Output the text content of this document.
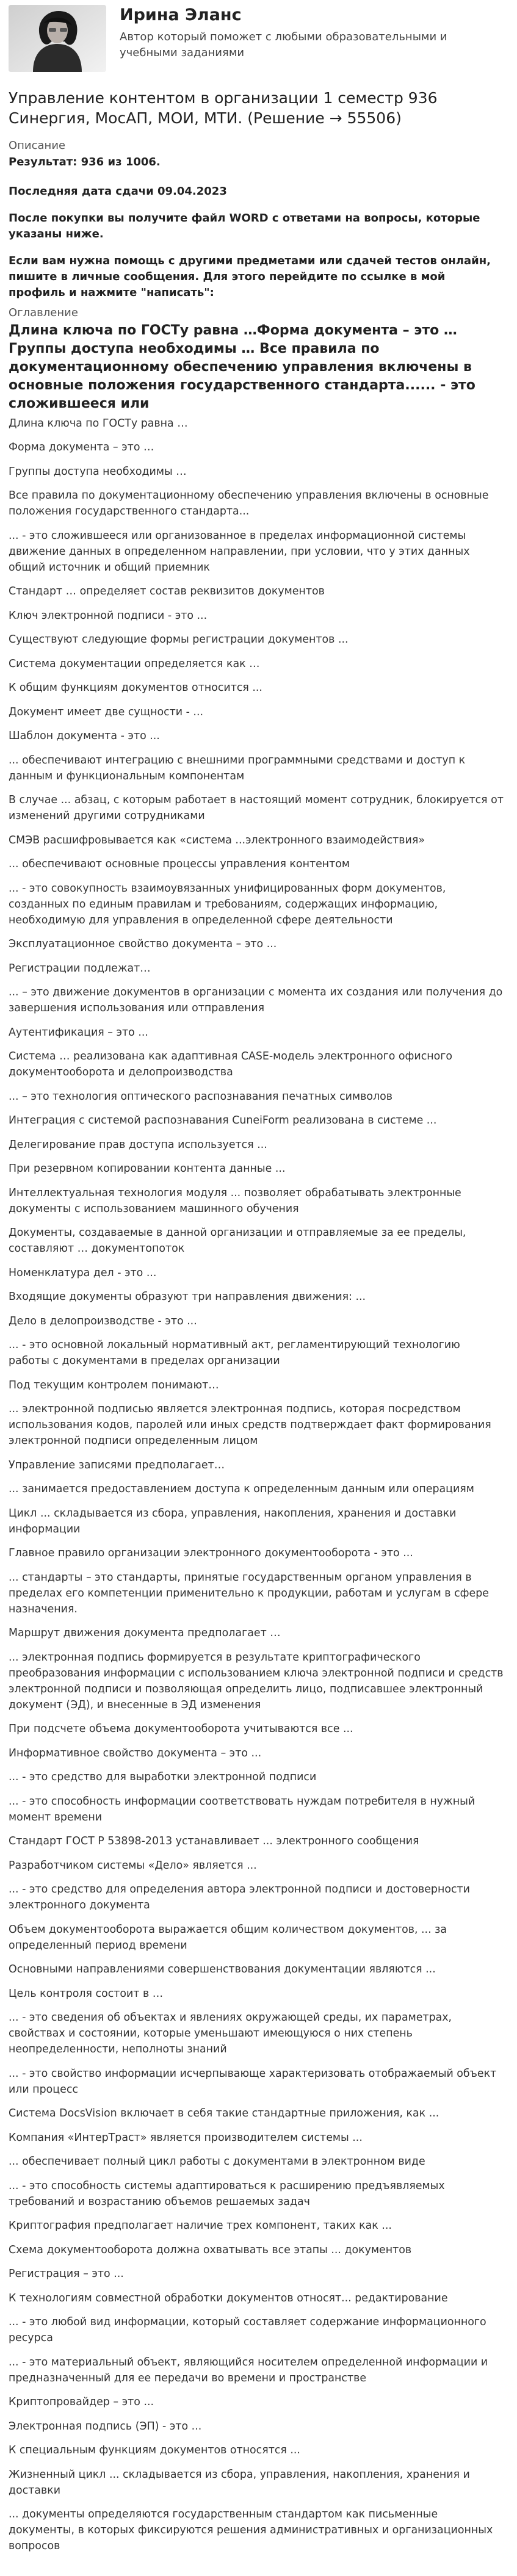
Ирина Эланс
Автор который поможет с любыми образовательными и учебными заданиями
Управление контентом в организации 1 семестр 936 Синергия, МосАП, МОИ, МТИ. (Решение → 55506)
Описание
Результат: 936 из 1006.
Последняя дата сдачи 09.04.2023
После покупки вы получите файл WORD с ответами на вопросы, которые указаны ниже.
Если вам нужна помощь с другими предметами или сдачей тестов онлайн, пишите в личные сообщения. Для этого перейдите по ссылке в мой профиль и нажмите "написать":
Оглавление
Длина ключа по ГОСТу равна …Форма документа – это … Группы доступа необходимы … Все правила по документационному обеспечению управления включены в основные положения государственного стандарта...... - это сложившееся или

Длина ключа по ГОСТу равна …

Форма документа – это …

Группы доступа необходимы …

Все правила по документационному обеспечению управления включены в основные положения государственного стандарта...

... - это сложившееся или организованное в пределах информационной системы движение данных в определенном направлении, при условии, что у этих данных общий источник и общий приемник

Стандарт … определяет состав реквизитов документов

Ключ электронной подписи - это ...

Существуют следующие формы регистрации документов ...

Система документации определяется как …

К общим функциям документов относится ...

Документ имеет две сущности - ...

Шаблон документа - это ...

... обеспечивают интеграцию с внешними программными средствами и доступ к данным и функциональным компонентам

В случае ... абзац, с которым работает в настоящий момент сотрудник, блокируется от изменений другими сотрудниками

СМЭВ расшифровывается как «система ...электронного взаимодействия»

... обеспечивают основные процессы управления контентом

... - это совокупность взаимоувязанных унифицированных форм документов, созданных по единым правилам и требованиям, содержащих информацию, необходимую для управления в определенной сфере деятельности

Эксплуатационное свойство документа – это ...

Регистрации подлежат…

... – это движение документов в организации с момента их создания или получения до завершения использования или отправления

Аутентификация – это ...

Система … реализована как адаптивная CASE-модель электронного офисного документооборота и делопроизводства

... – это технология оптического распознавания печатных символов

Интеграция с системой распознавания CuneiForm реализована в системе ...

Делегирование прав доступа используется ...

При резервном копировании контента данные ...

Интеллектуальная технология модуля ... позволяет обрабатывать электронные документы с использованием машинного обучения

Документы, создаваемые в данной организации и отправляемые за ее пределы, составляют … документопоток

Номенклатура дел - это ...

Входящие документы образуют три направления движения: ...

Дело в делопроизводстве - это ...

... - это основной локальный нормативный акт, регламентирующий технологию работы с документами в пределах организации

Под текущим контролем понимают…

... электронной подписью является электронная подпись, которая посредством использования кодов, паролей или иных средств подтверждает факт формирования электронной подписи определенным лицом

Управление записями предполагает…

... занимается предоставлением доступа к определенным данным или операциям

Цикл ... складывается из сбора, управления, накопления, хранения и доставки информации

Главное правило организации электронного документооборота - это ...

... стандарты – это стандарты, принятые государственным органом управления в пределах его компетенции применительно к продукции, работам и услугам в сфере назначения.

Маршрут движения документа предполагает …

... электронная подпись формируется в результате криптографического преобразования информации с использованием ключа электронной подписи и средств электронной подписи и позволяющая определить лицо, подписавшее электронный документ (ЭД), и внесенные в ЭД изменения

При подсчете объема документооборота учитываются все ...

Информативное свойство документа – это ...

... - это средство для выработки электронной подписи

... - это способность информации соответствовать нуждам потребителя в нужный момент времени

Стандарт ГОСТ Р 53898-2013 устанавливает ... электронного сообщения

Разработчиком системы «Дело» является ...

... - это средство для определения автора электронной подписи и достоверности электронного документа

Объем документооборота выражается общим количеством документов, ... за определенный период времени

Основными направлениями совершенствования документации являются ...

Цель контроля состоит в …

... - это сведения об объектах и явлениях окружающей среды, их параметрах, свойствах и состоянии, которые уменьшают имеющуюся о них степень неопределенности, неполноты знаний

... - это свойство информации исчерпывающе характеризовать отображаемый объект или процесс

Система DocsVision включает в себя такие стандартные приложения, как ...

Компания «ИнтерТраст» является производителем системы ...

... обеспечивает полный цикл работы с документами в электронном виде

... - это способность системы адаптироваться к расширению предъявляемых требований и возрастанию объемов решаемых задач

Криптография предполагает наличие трех компонент, таких как ...

Схема документооборота должна охватывать все этапы ... документов

Регистрация – это ...

К технологиям совместной обработки документов относят... редактирование

... - это любой вид информации, который составляет содержание информационного ресурса

... - это материальный объект, являющийся носителем определенной информации и предназначенный для ее передачи во времени и пространстве

Криптопровайдер – это ...

Электронная подпись (ЭП) - это ...

К специальным функциям документов относятся ...

Жизненный цикл ... складывается из сбора, управления, накопления, хранения и доставки

... документы определяются государственным стандартом как письменные документы, в которых фиксируются решения административных и организационных вопросов
